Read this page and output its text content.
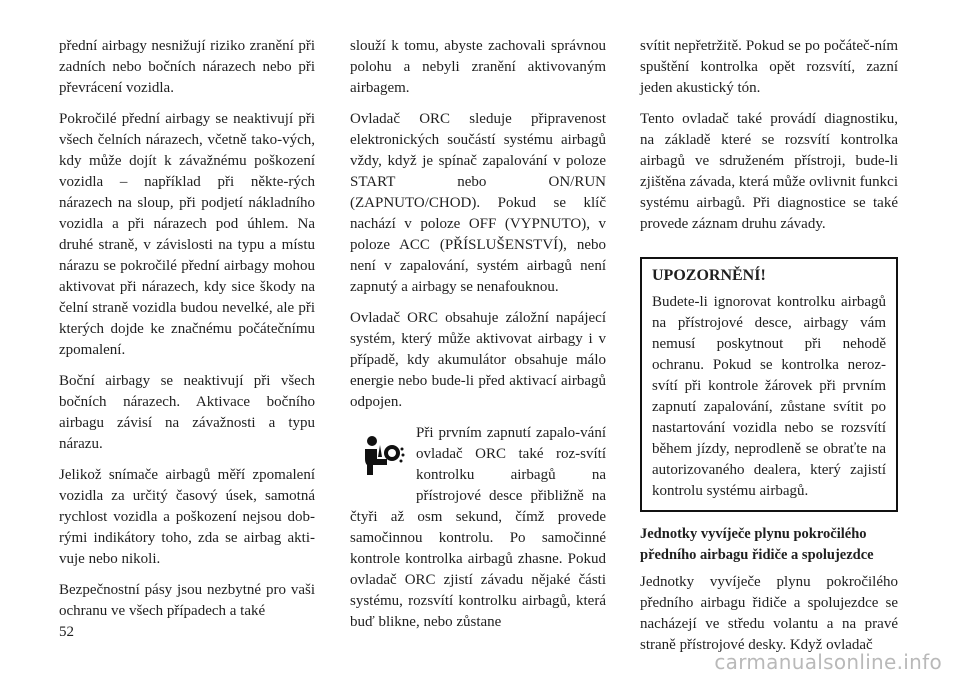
přední airbagy nesnižují riziko zranění při zadních nebo bočních nárazech nebo při převrácení vozidla.

Pokročilé přední airbagy se neaktivují při všech čelních nárazech, včetně tako-vých, kdy může dojít k závažnému poškození vozidla – například při někte-rých nárazech na sloup, při podjetí nákladního vozidla a při nárazech pod úhlem. Na druhé straně, v závislosti na typu a místu nárazu se pokročilé přední airbagy mohou aktivovat při nárazech, kdy sice škody na čelní straně vozidla budou nevelké, ale při kterých dojde ke značnému počátečnímu zpomalení.

Boční airbagy se neaktivují při všech bočních nárazech. Aktivace bočního airbagu závisí na závažnosti a typu nárazu.

Jelikož snímače airbagů měří zpomalení vozidla za určitý časový úsek, samotná rychlost vozidla a poškození nejsou dob-rými indikátory toho, zda se airbag akti-vuje nebo nikoli.

Bezpečnostní pásy jsou nezbytné pro vaši ochranu ve všech případech a také

slouží k tomu, abyste zachovali správnou polohu a nebyli zranění aktivovaným airbagem.

Ovladač ORC sleduje připravenost elektronických součástí systému airbagů vždy, když je spínač zapalování v poloze START nebo ON/RUN (ZAPNUTO/CHOD). Pokud se klíč nachází v poloze OFF (VYPNUTO), v poloze ACC (PŘÍSLUŠENSTVÍ), nebo není v zapalování, systém airbagů není zapnutý a airbagy se nenafouknou.

Ovladač ORC obsahuje záložní napájecí systém, který může aktivovat airbagy i v případě, kdy akumulátor obsahuje málo energie nebo bude-li před aktivací airbagů odpojen.

Při prvním zapnutí zapalo-vání ovladač ORC také roz-svítí kontrolku airbagů na přístrojové desce přibližně na čtyři až osm sekund, čímž provede samočinnou kontrolu. Po samočinné kontrole kontrolka airbagů zhasne. Pokud ovladač ORC zjistí závadu nějaké části systému, rozsvítí kontrolku airbagů, která buď blikne, nebo zůstane

svítit nepřetržitě. Pokud se po počáteč-ním spuštění kontrolka opět rozsvítí, zazní jeden akustický tón.

Tento ovladač také provádí diagnostiku, na základě které se rozsvítí kontrolka airbagů ve sdruženém přístroji, bude-li zjištěna závada, která může ovlivnit funkci systému airbagů. Při diagnostice se také provede záznam druhu závady.

UPOZORNĚNÍ!

Budete-li ignorovat kontrolku airbagů na přístrojové desce, airbagy vám nemusí poskytnout při nehodě ochranu. Pokud se kontrolka neroz-svítí při kontrole žárovek při prvním zapnutí zapalování, zůstane svítit po nastartování vozidla nebo se rozsvítí během jízdy, neprodleně se obraťte na autorizovaného dealera, který zajistí kontrolu systému airbagů.

Jednotky vyvíječe plynu pokročilého předního airbagu řidiče a spolujezdce

Jednotky vyvíječe plynu pokročilého předního airbagu řidiče a spolujezdce se nacházejí ve středu volantu a na pravé straně přístrojové desky. Když ovladač

52
carmanualsonline.info
